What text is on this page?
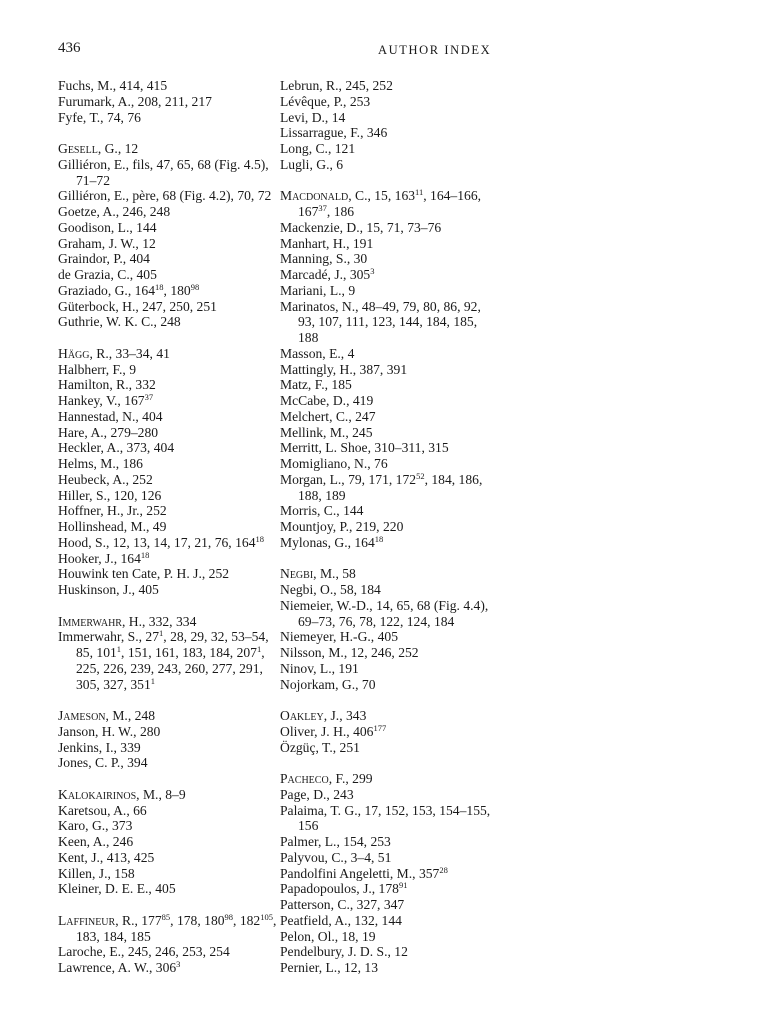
436	AUTHOR INDEX
Fuchs, M., 414, 415
Furumark, A., 208, 211, 217
Fyfe, T., 74, 76
Gesell, G., 12
Gilliéron, E., fils, 47, 65, 68 (Fig. 4.5), 71–72
Gilliéron, E., père, 68 (Fig. 4.2), 70, 72
Goetze, A., 246, 248
Goodison, L., 144
Graham, J. W., 12
Graindor, P., 404
de Grazia, C., 405
Graziado, G., $164^{18}$, $180^{98}$
Güterbock, H., 247, 250, 251
Guthrie, W. K. C., 248
Hägg, R., 33–34, 41
Halbherr, F., 9
Hamilton, R., 332
Hankey, V., $167^{37}$
Hannestad, N., 404
Hare, A., 279–280
Heckler, A., 373, 404
Helms, M., 186
Heubeck, A., 252
Hiller, S., 120, 126
Hoffner, H., Jr., 252
Hollinshead, M., 49
Hood, S., 12, 13, 14, 17, 21, 76, $164^{18}$
Hooker, J., $164^{18}$
Houwink ten Cate, P. H. J., 252
Huskinson, J., 405
Immerwahr, H., 332, 334
Immerwahr, S., $27^1$, 28, 29, 32, 53–54, 85, $101^1$, 151, 161, 183, 184, $207^1$, 225, 226, 239, 243, 260, 277, 291, 305, 327, $351^1$
Jameson, M., 248
Janson, H. W., 280
Jenkins, I., 339
Jones, C. P., 394
Kalokairinos, M., 8–9
Karetsou, A., 66
Karo, G., 373
Keen, A., 246
Kent, J., 413, 425
Killen, J., 158
Kleiner, D. E. E., 405
Laffineur, R., $177^{85}$, 178, $180^{98}$, $182^{105}$, 183, 184, 185
Laroche, E., 245, 246, 253, 254
Lawrence, A. W., $306^3$
Lebrun, R., 245, 252
Lévêque, P., 253
Levi, D., 14
Lissarrague, F., 346
Long, C., 121
Lugli, G., 6
Macdonald, C., 15, $163^{11}$, 164–166, $167^{37}$, 186
Mackenzie, D., 15, 71, 73–76
Manhart, H., 191
Manning, S., 30
Marcadé, J., $305^3$
Mariani, L., 9
Marinatos, N., 48–49, 79, 80, 86, 92, 93, 107, 111, 123, 144, 184, 185, 188
Masson, E., 4
Mattingly, H., 387, 391
Matz, F., 185
McCabe, D., 419
Melchert, C., 247
Mellink, M., 245
Merritt, L. Shoe, 310–311, 315
Momigliano, N., 76
Morgan, L., 79, 171, $172^{52}$, 184, 186, 188, 189
Morris, C., 144
Mountjoy, P., 219, 220
Mylonas, G., $164^{18}$
Negbi, M., 58
Negbi, O., 58, 184
Niemeier, W.-D., 14, 65, 68 (Fig. 4.4), 69–73, 76, 78, 122, 124, 184
Niemeyer, H.-G., 405
Nilsson, M., 12, 246, 252
Ninov, L., 191
Nojorkam, G., 70
Oakley, J., 343
Oliver, J. H., $406^{177}$
Özgüç, T., 251
Pacheco, F., 299
Page, D., 243
Palaima, T. G., 17, 152, 153, 154–155, 156
Palmer, L., 154, 253
Palyvou, C., 3–4, 51
Pandolfini Angeletti, M., $357^{28}$
Papadopoulos, J., $178^{91}$
Patterson, C., 327, 347
Peatfield, A., 132, 144
Pelon, Ol., 18, 19
Pendelbury, J. D. S., 12
Pernier, L., 12, 13
